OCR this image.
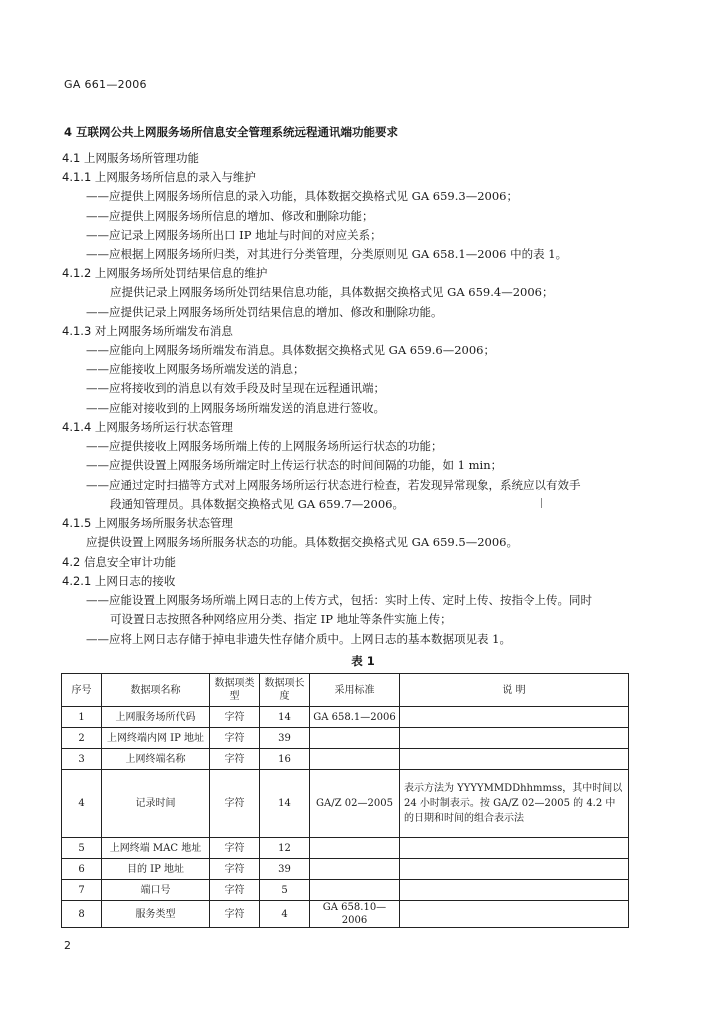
GA 661—2006
4 互联网公共上网服务场所信息安全管理系统远程通讯端功能要求
4.1 上网服务场所管理功能
4.1.1 上网服务场所信息的录入与维护
——应提供上网服务场所信息的录入功能，具体数据交换格式见 GA 659.3—2006；
——应提供上网服务场所信息的增加、修改和删除功能；
——应记录上网服务场所出口 IP 地址与时间的对应关系；
——应根据上网服务场所归类，对其进行分类管理，分类原则见 GA 658.1—2006 中的表 1。
4.1.2 上网服务场所处罚结果信息的维护
应提供记录上网服务场所处罚结果信息功能，具体数据交换格式见 GA 659.4—2006；
——应提供记录上网服务场所处罚结果信息的增加、修改和删除功能。
4.1.3 对上网服务场所端发布消息
——应能向上网服务场所端发布消息。具体数据交换格式见 GA 659.6—2006；
——应能接收上网服务场所端发送的消息；
——应将接收到的消息以有效手段及时呈现在远程通讯端；
——应能对接收到的上网服务场所端发送的消息进行签收。
4.1.4 上网服务场所运行状态管理
——应提供接收上网服务场所端上传的上网服务场所运行状态的功能；
——应提供设置上网服务场所端定时上传运行状态的时间间隔的功能，如 1 min；
——应通过定时扫描等方式对上网服务场所运行状态进行检查，若发现异常现象，系统应以有效手
段通知管理员。具体数据交换格式见 GA 659.7—2006。
4.1.5 上网服务场所服务状态管理
应提供设置上网服务场所服务状态的功能。具体数据交换格式见 GA 659.5—2006。
4.2 信息安全审计功能
4.2.1 上网日志的接收
——应能设置上网服务场所端上网日志的上传方式，包括：实时上传、定时上传、按指令上传。同时
可设置日志按照各种网络应用分类、指定 IP 地址等条件实施上传；
——应将上网日志存储于掉电非遗失性存储介质中。上网日志的基本数据项见表 1。
表 1
序号	数据项名称	数据项类型	数据项长度	采用标准	说 明
1	上网服务场所代码	字符	14	GA 658.1—2006	
2	上网终端内网 IP 地址	字符	39		
3	上网终端名称	字符	16		
4	记录时间	字符	14	GA/Z 02—2005	表示方法为 YYYYMMDDhhmmss，其中时间以 24 小时制表示。按 GA/Z 02—2005 的 4.2 中的日期和时间的组合表示法
5	上网终端 MAC 地址	字符	12		
6	目的 IP 地址	字符	39		
7	端口号	字符	5		
8	服务类型	字符	4	GA 658.10—2006	
2
